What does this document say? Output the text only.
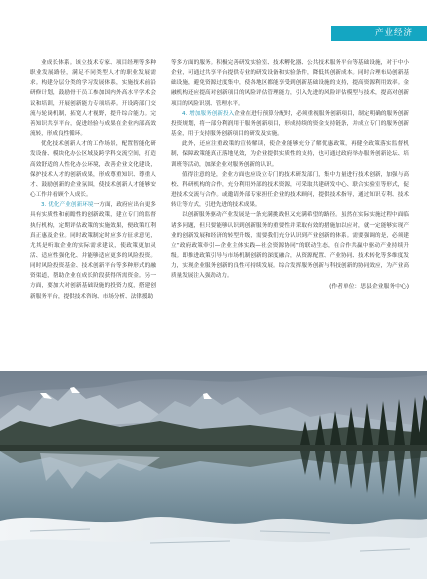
产业经济

业成长体系。该立技术专家、项目经理等多种职业发展路径，满足不同类型人才的职业发展需求。构建分层分类的学习发展体系，实施技术前沿研修计划，鼓励骨干员工参加国内外高水平学术会议和培训，开展创新能力专项培养。开设跨部门交流与轮岗机制，拓宽人才视野，提升综合能力。完善知识共享平台，促进经验与成果在企业内部高效流转，形成良性循环。

优化技术创新人才的工作场景，配置智能化研发设备、模块化办公区域及跨学科交流空间，打造高效舒适的人性化办公环境，改善企业文化建设，保护技术人才的创新成果，形成尊重知识、尊重人才、鼓励创新的企业氛围，使技术创新人才能够安心工作并看顾个人成长。

3. 优化产业创新环境一方面，政府应出台更多具有实质性和前瞻性的创新政策，建立专门的监督执行机构，定期评估政策的实施效果，便政策红利真正惠及企业。同时政策制定时应多方征求意见，尤其是听取企业的实际需求建议，使政策更加灵活、适应性强化化、并能够适应更多的风险投资。同时风险投资基金、技术创新平台等多种形式的融资渠道，帮助企业在成长阶段获得所需资金。另一方面，要加大对创新基础设施的投资力度，搭建创新服务平台，提供技术咨询、市场分析、法律援助

等多方面的服务。积极完善研发实验室、技术孵化器、公共技术服务平台等基础设施，对于中小企业，可通过共享平台提供专业的研发设备和实验条件，降低其创新成本。同时合理布局创新基础设施，避免资源过度集中，使各地区都能享受到创新基础设施的支持，提高资源利用效率。金融机构还应提高对创新项目的风险评估管理能力，引入先进的风险评估模型与技术，提高对创新项目的风险识别、管理水平。

4. 增加服务创新投入企业在进行预算分配时，必须重视服务创新项目，制定明确的服务创新投资规划，将一部分利润用于服务创新项目，形成持续的资金支持链条，并成立专门的服务创新基金，用于支持服务创新项目的研发及实施。

此外，还应注重政策的宣传解读，使企业能够充分了解优惠政策，再健全政策落实监督机制，保障政策能真正落地见效，为企业提供实质性的支持，也可通过政府举办服务创新论坛、培训班等活动，加深企业对服务创新的认识。

值得注意的是，企业方面也应设立专门的技术研发部门，集中力量进行技术创新，加强与高校、科研机构的合作，充分利用外部的技术资源，可采取共建研发中心、联合实验室等形式，促进技术交流与合作。或邀请外部专家担任企业的技术顾问，提供技术指导，通过知识专利、技术转让等方式，引进先进的技术成果。

以创新服务驱动产业发展是一条充满挑战但又充满希望的路径。虽然在实际实施过程中面临诸多问题，但只要能够认识到创新服务的重要性并采取有效的措施加以应对，就一定能够实现产业的创新发展和经济的转型升级，需要我们充分认识到产业创新的体系。需要强调的是，必须建立“政府政策牵引—企业主体实践—社会资源协同”的联动生态，在合作共赢中驱动产业持续升级。即推进政策引导与市场机制创新的深度融合，从资源配置、产业协同、技术转化等多维度发力，实现企业服务创新的良性可持续发展。综合发挥服务创新与科技创新的协同效应，为产业高质量发展注入强劲动力。

(作者单位：思县企业服务中心)
